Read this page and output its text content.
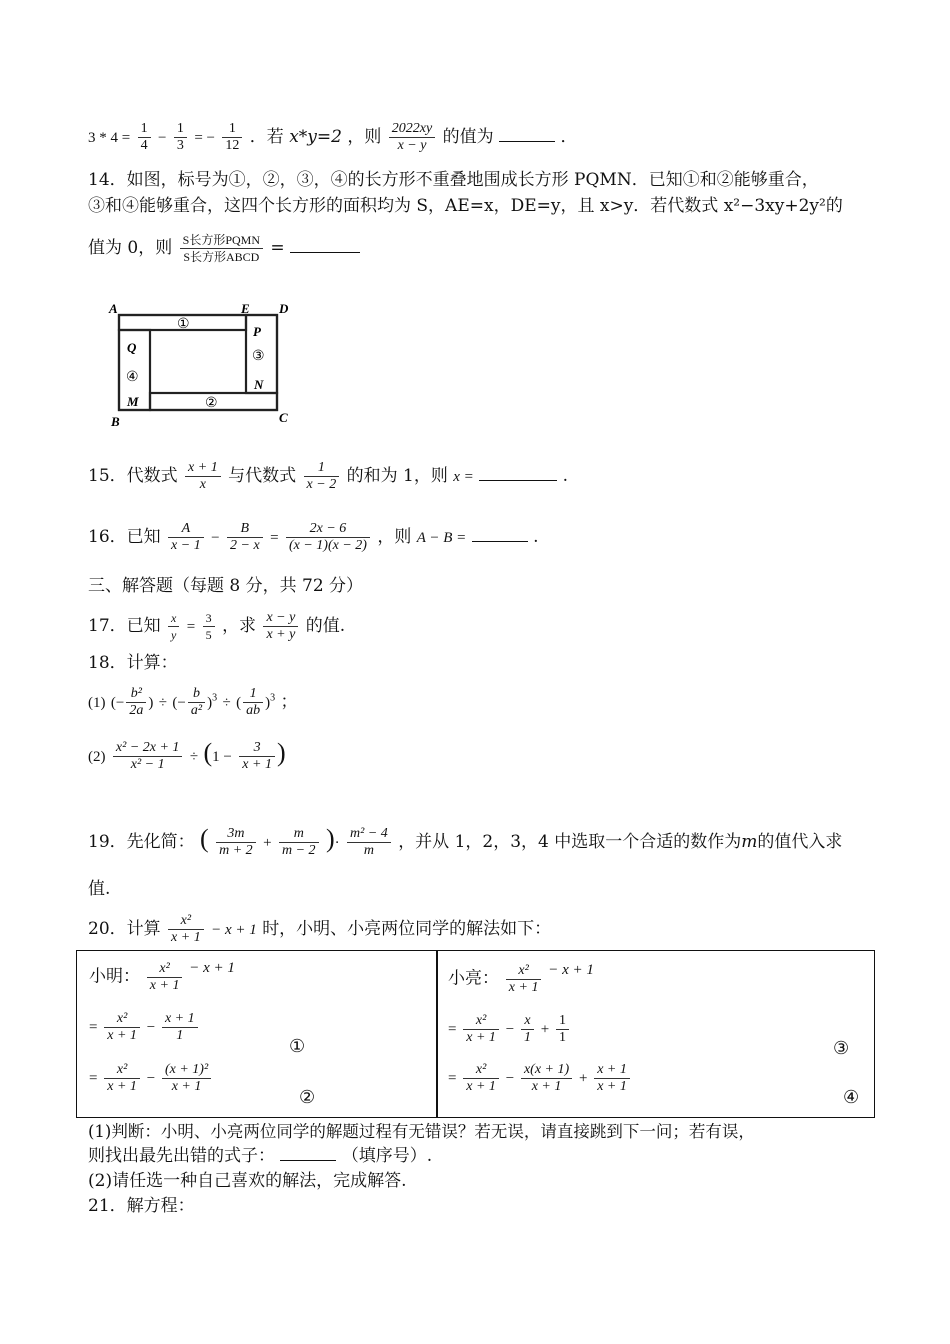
$3 * 4 = \frac{1}{4} - \frac{1}{3}$ = − $\frac{1}{12}$ ．若 x*y=2 ，则 $\frac{2022xy}{x - y}$ 的值为	．
14．如图，标号为①，②，③，④的长方形不重叠地围成长方形 PQMN．已知①和②能够重合，
③和④能够重合，这四个长方形的面积均为 S，AE=x，DE=y，且 x>y．若代数式 x²−3xy+2y²的
值为 0，则 $\frac{\text{S长方形PQMN}}{\text{S长方形ABCD}}$ =
A	E D
P
③
N
Q
④
M
①
②
B	C
15．代数式 $\frac{x + 1}{x}$ 与代数式 $\frac{1}{x - 2}$ 的和为 1，则 x =	.
16．已知 $\frac{A}{x - 1} - \frac{B}{2 - x} = \frac{2x - 6}{(x - 1)(x - 2)}$ ，则 A − B =	.
三、解答题（每题 8 分，共 72 分）
17．已知 $\frac{x}{y} = \frac{3}{5}$ ，求 $\frac{x - y}{x + y}$ 的值.
18．计算：
(1) (− $\frac{\text{b²}}{2a}$ ) ÷ (− $\frac{b}{\text{a²}} )^3$ ÷ ( $\frac{1}{ab} )^3$ ；
$(2) \frac{\text{x² − 2x + 1}}{\text{x² − 1}} \div (1 - \frac{3}{x + 1}$ )
19．先化简： ( $\frac{3m}{m + 2} + \frac{m}{m - 2}$ )· $\frac{\text{m² − 4}}{m}$ ，并从 1，2，3，4 中选取一个合适的数作为m的值代入求
值.
20．计算 $\frac{\text{x²}}{x + 1} - x + 1$ 时，小明、小亮两位同学的解法如下：
小明： $\frac{\text{x²}}{x + 1} - x + 1$
= $\frac{\text{x²}}{x + 1} - \frac{x + 1}{1}$
①
= $\frac{\text{x²}}{x + 1} - \frac{\text{(x + 1)²}}{x + 1}$
②
小亮： $\frac{\text{x²}}{x + 1} - x + 1$
= $\frac{\text{x²}}{x + 1} - \frac{x}{1} + \frac{1}{1}$
③
= $\frac{\text{x²}}{x + 1} - \frac{x(x + 1)}{x + 1} + \frac{x + 1}{x + 1}$
④
(1)判断：小明、小亮两位同学的解题过程有无错误？若无误，请直接跳到下一问；若有误，
则找出最先出错的式子：	（填序号）.
(2)请任选一种自己喜欢的解法，完成解答.
21．解方程：
